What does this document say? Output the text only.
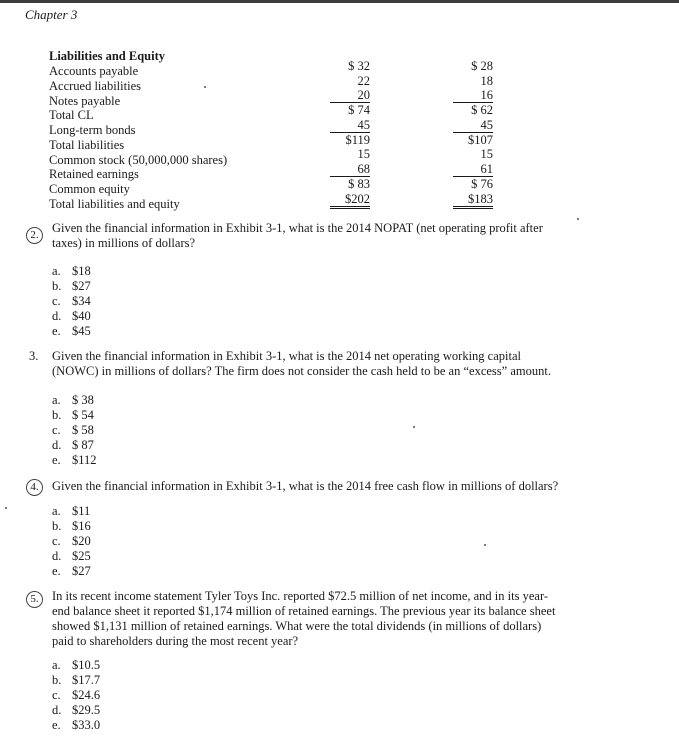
Chapter 3
Liabilities and Equity
Accounts payable	$ 32	$ 28
Accrued liabilities	22	18
Notes payable	20	16
Total CL	$ 74	$ 62
Long-term bonds	45	45
Total liabilities	$119	$107
Common stock (50,000,000 shares)	15	15
Retained earnings	68	61
Common equity	$ 83	$ 76
Total liabilities and equity	$202	$183
2.	Given the financial information in Exhibit 3-1, what is the 2014 NOPAT (net operating profit after
taxes) in millions of dollars?
a. $18
b. $27
c. $34
d. $40
e. $45
3. Given the financial information in Exhibit 3-1, what is the 2014 net operating working capital
(NOWC) in millions of dollars? The firm does not consider the cash held to be an “excess” amount.
a. $ 38
b. $ 54
c. $ 58
d. $ 87
e. $112
4.	Given the financial information in Exhibit 3-1, what is the 2014 free cash flow in millions of dollars?
a. $11
b. $16
c. $20
d. $25
e. $27
5.	In its recent income statement Tyler Toys Inc. reported $72.5 million of net income, and in its year-
end balance sheet it reported $1,174 million of retained earnings. The previous year its balance sheet
showed $1,131 million of retained earnings. What were the total dividends (in millions of dollars)
paid to shareholders during the most recent year?
a. $10.5
b. $17.7
c. $24.6
d. $29.5
e. $33.0
